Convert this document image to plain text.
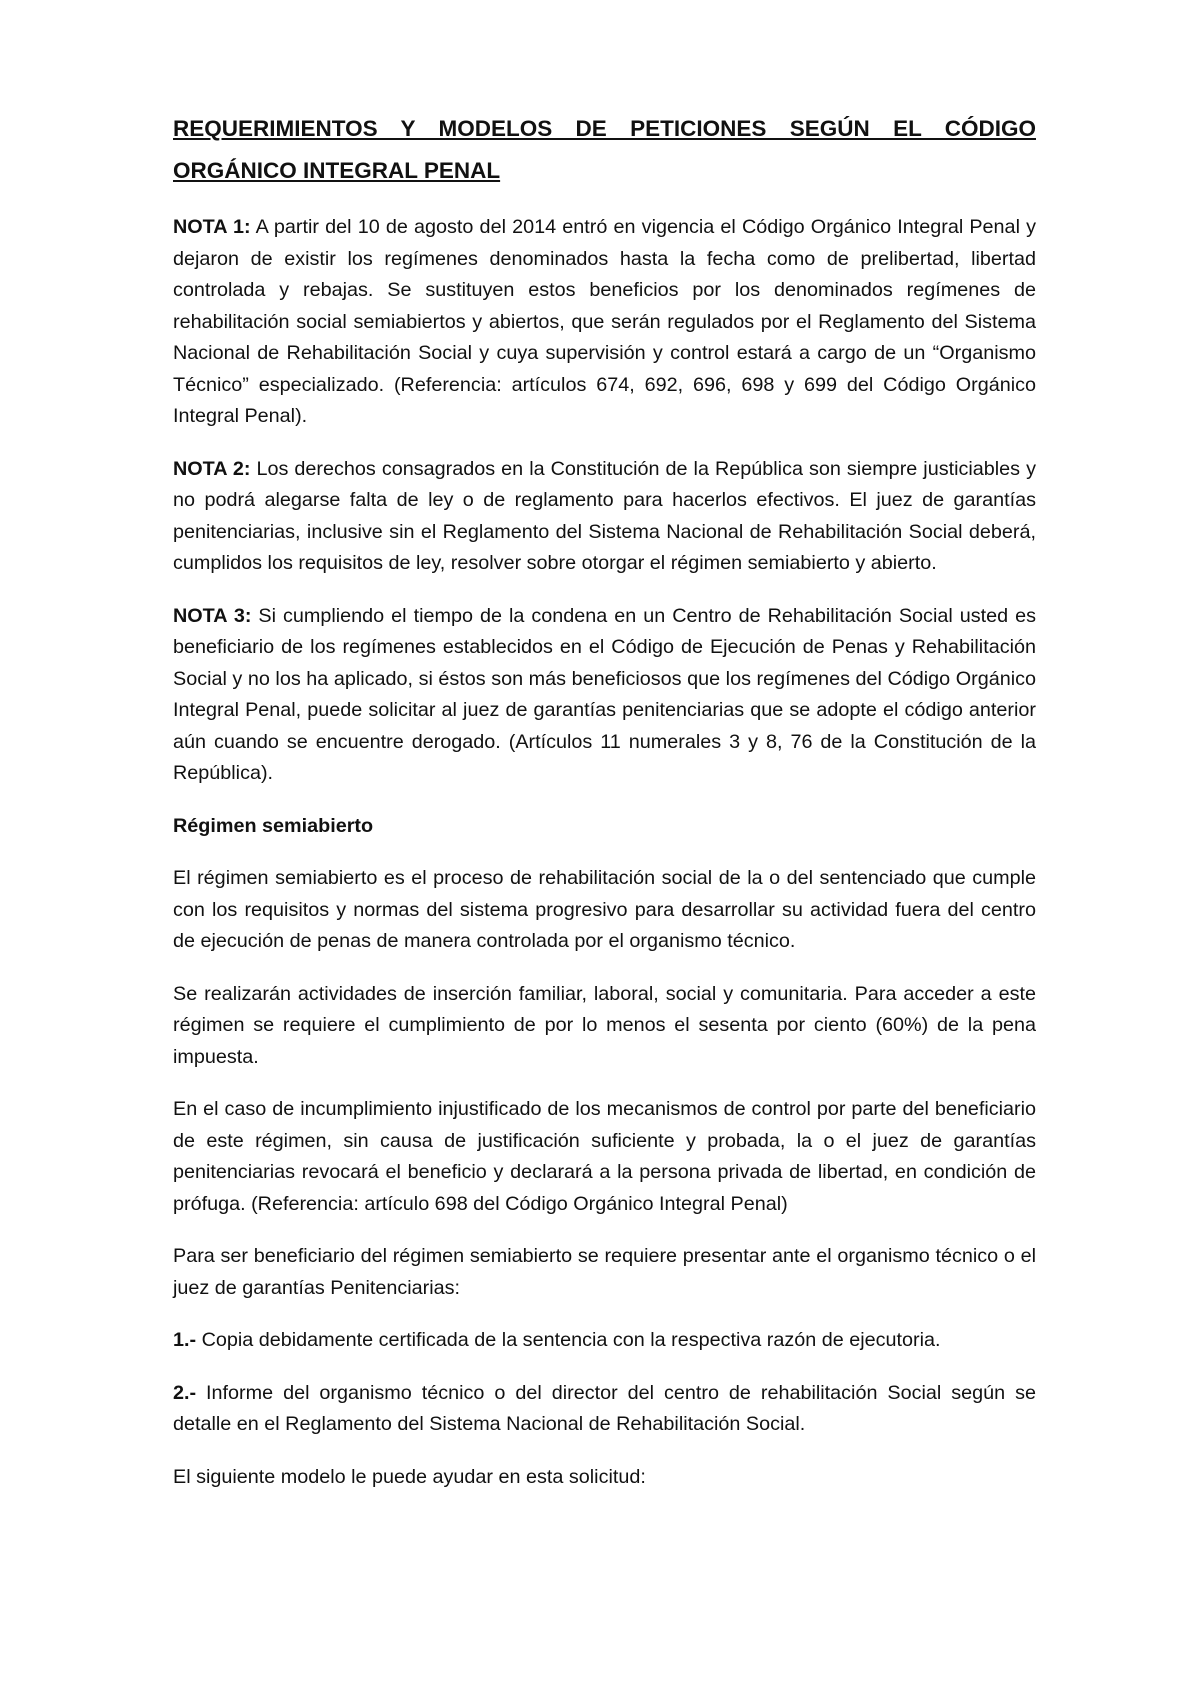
REQUERIMIENTOS Y MODELOS DE PETICIONES SEGÚN EL CÓDIGO
ORGÁNICO INTEGRAL PENAL

NOTA 1: A partir del 10 de agosto del 2014 entró en vigencia el Código Orgánico Integral Penal y dejaron de existir los regímenes denominados hasta la fecha como de prelibertad, libertad controlada y rebajas. Se sustituyen estos beneficios por los denominados regímenes de rehabilitación social semiabiertos y abiertos, que serán regulados por el Reglamento del Sistema Nacional de Rehabilitación Social y cuya supervisión y control estará a cargo de un “Organismo Técnico” especializado. (Referencia: artículos 674, 692, 696, 698 y 699 del Código Orgánico Integral Penal).

NOTA 2: Los derechos consagrados en la Constitución de la República son siempre justiciables y no podrá alegarse falta de ley o de reglamento para hacerlos efectivos. El juez de garantías penitenciarias, inclusive sin el Reglamento del Sistema Nacional de Rehabilitación Social deberá, cumplidos los requisitos de ley, resolver sobre otorgar el régimen semiabierto y abierto.

NOTA 3: Si cumpliendo el tiempo de la condena en un Centro de Rehabilitación Social usted es beneficiario de los regímenes establecidos en el Código de Ejecución de Penas y Rehabilitación Social y no los ha aplicado, si éstos son más beneficiosos que los regímenes del Código Orgánico Integral Penal, puede solicitar al juez de garantías penitenciarias que se adopte el código anterior aún cuando se encuentre derogado. (Artículos 11 numerales 3 y 8, 76 de la Constitución de la República).

Régimen semiabierto

El régimen semiabierto es el proceso de rehabilitación social de la o del sentenciado que cumple con los requisitos y normas del sistema progresivo para desarrollar su actividad fuera del centro de ejecución de penas de manera controlada por el organismo técnico.

Se realizarán actividades de inserción familiar, laboral, social y comunitaria. Para acceder a este régimen se requiere el cumplimiento de por lo menos el sesenta por ciento (60%) de la pena impuesta.

En el caso de incumplimiento injustificado de los mecanismos de control por parte del beneficiario de este régimen, sin causa de justificación suficiente y probada, la o el juez de garantías penitenciarias revocará el beneficio y declarará a la persona privada de libertad, en condición de prófuga. (Referencia: artículo 698 del Código Orgánico Integral Penal)

Para ser beneficiario del régimen semiabierto se requiere presentar ante el organismo técnico o el juez de garantías Penitenciarias:

1.- Copia debidamente certificada de la sentencia con la respectiva razón de ejecutoria.

2.- Informe del organismo técnico o del director del centro de rehabilitación Social según se detalle en el Reglamento del Sistema Nacional de Rehabilitación Social.

El siguiente modelo le puede ayudar en esta solicitud:
